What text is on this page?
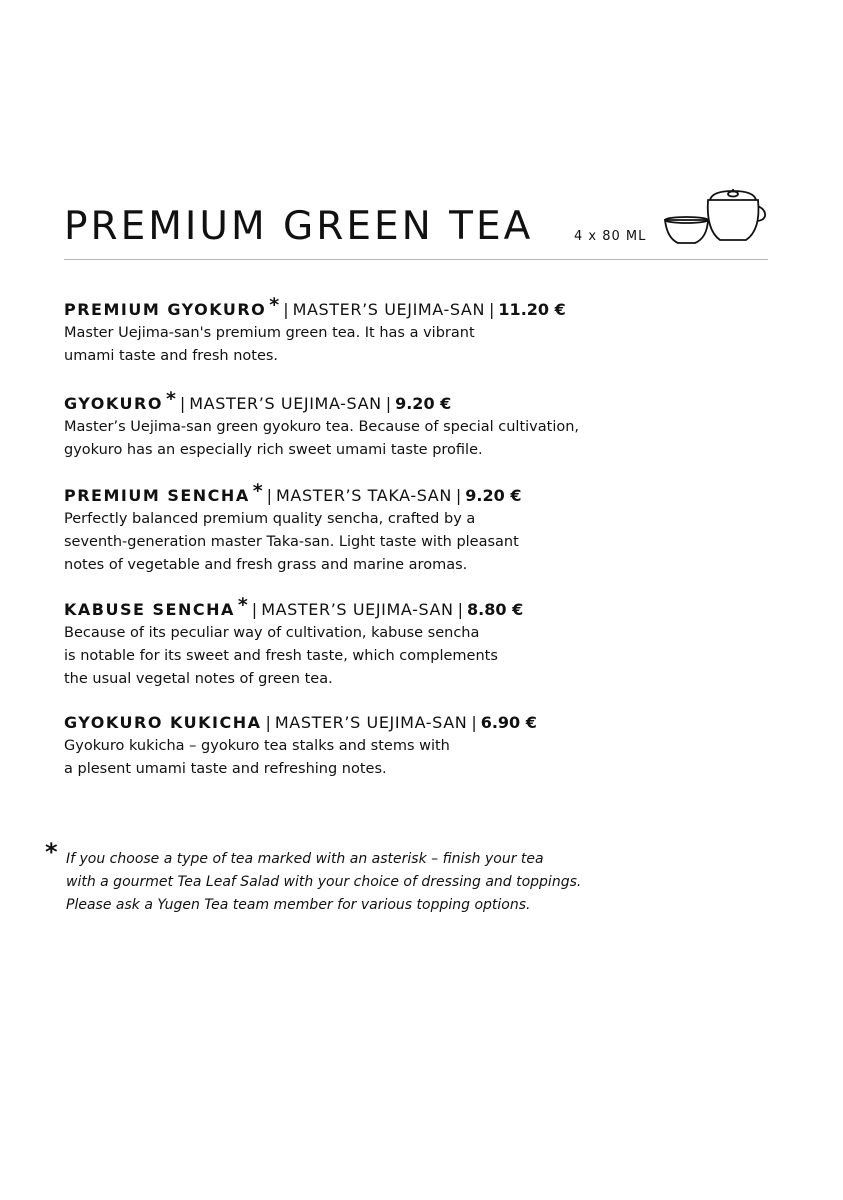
PREMIUM GREEN TEA	4 x 80 ML
PREMIUM GYOKURO * | MASTER’S UEJIMA-SAN | 11.20 €
Master Uejima-san's premium green tea. It has a vibrant
umami taste and fresh notes.
GYOKURO * | MASTER’S UEJIMA-SAN | 9.20 €
Master’s Uejima-san green gyokuro tea. Because of special cultivation,
gyokuro has an especially rich sweet umami taste profile.
PREMIUM SENCHA * | MASTER’S TAKA-SAN | 9.20 €
Perfectly balanced premium quality sencha, crafted by a
seventh-generation master Taka-san. Light taste with pleasant
notes of vegetable and fresh grass and marine aromas.
KABUSE SENCHA * | MASTER’S UEJIMA-SAN | 8.80 €
Because of its peculiar way of cultivation, kabuse sencha
is notable for its sweet and fresh taste, which complements
the usual vegetal notes of green tea.
GYOKURO KUKICHA | MASTER’S UEJIMA-SAN | 6.90 €
Gyokuro kukicha – gyokuro tea stalks and stems with
a plesent umami taste and refreshing notes.
* If you choose a type of tea marked with an asterisk – finish your tea
with a gourmet Tea Leaf Salad with your choice of dressing and toppings.
Please ask a Yugen Tea team member for various topping options.
